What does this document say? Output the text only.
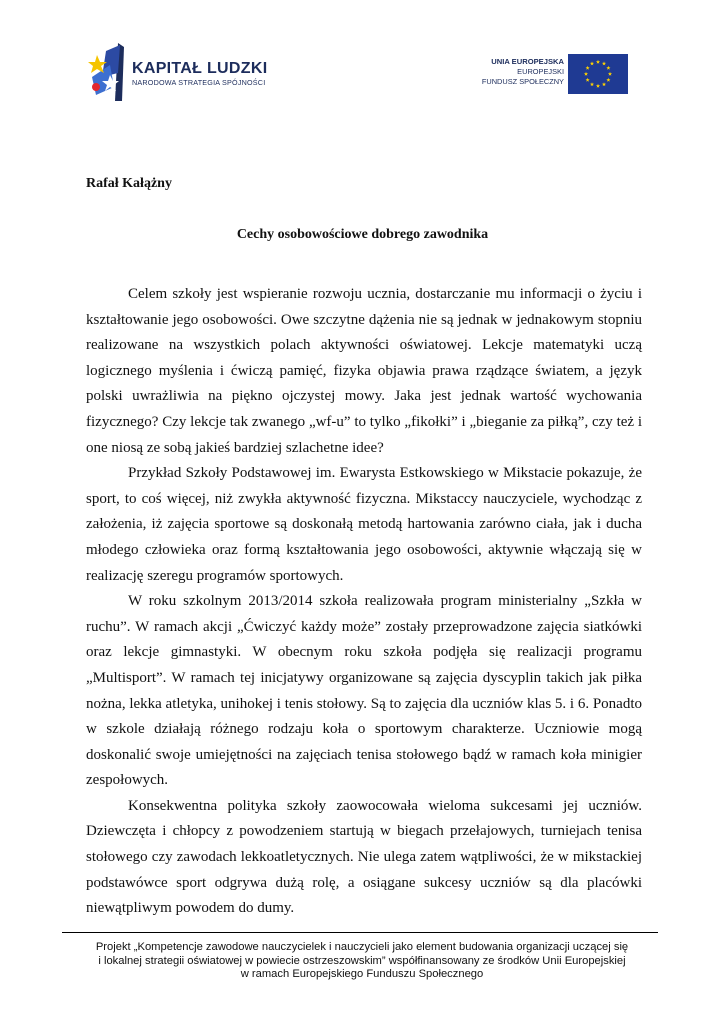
KAPITAŁ LUDZKI
NARODOWA STRATEGIA SPÓJNOŚCI
UNIA EUROPEJSKA
EUROPEJSKI
FUNDUSZ SPOŁECZNY
Rafał Kałążny
Cechy osobowościowe dobrego zawodnika

Celem szkoły jest wspieranie rozwoju ucznia, dostarczanie mu informacji o życiu i kształtowanie jego osobowości. Owe szczytne dążenia nie są jednak w jednakowym stopniu realizowane na wszystkich polach aktywności oświatowej. Lekcje matematyki uczą logicznego myślenia i ćwiczą pamięć, fizyka objawia prawa rządzące światem, a język polski uwrażliwia na piękno ojczystej mowy. Jaka jest jednak wartość wychowania fizycznego? Czy lekcje tak zwanego „wf-u” to tylko „fikołki” i „bieganie za piłką”, czy też i one niosą ze sobą jakieś bardziej szlachetne idee?

Przykład Szkoły Podstawowej im. Ewarysta Estkowskiego w Mikstacie pokazuje, że sport, to coś więcej, niż zwykła aktywność fizyczna. Mikstaccy nauczyciele, wychodząc z założenia, iż zajęcia sportowe są doskonałą metodą hartowania zarówno ciała, jak i ducha młodego człowieka oraz formą kształtowania jego osobowości, aktywnie włączają się w realizację szeregu programów sportowych.

W roku szkolnym 2013/2014 szkoła realizowała program ministerialny „Szkła w ruchu”. W ramach akcji „Ćwiczyć każdy może” zostały przeprowadzone zajęcia siatkówki oraz lekcje gimnastyki. W obecnym roku szkoła podjęła się realizacji programu „Multisport”. W ramach tej inicjatywy organizowane są zajęcia dyscyplin takich jak piłka nożna, lekka atletyka, unihokej i tenis stołowy. Są to zajęcia dla uczniów klas 5. i 6. Ponadto w szkole działają różnego rodzaju koła o sportowym charakterze. Uczniowie mogą doskonalić swoje umiejętności na zajęciach tenisa stołowego bądź w ramach koła minigier zespołowych.

Konsekwentna polityka szkoły zaowocowała wieloma sukcesami jej uczniów. Dziewczęta i chłopcy z powodzeniem startują w biegach przełajowych, turniejach tenisa stołowego czy zawodach lekkoatletycznych. Nie ulega zatem wątpliwości, że w mikstackiej podstawówce sport odgrywa dużą rolę, a osiągane sukcesy uczniów są dla placówki niewątpliwym powodem do dumy.

Projekt „Kompetencje zawodowe nauczycielek i nauczycieli jako element budowania organizacji uczącej się
i lokalnej strategii oświatowej w powiecie ostrzeszowskim” współfinansowany ze środków Unii Europejskiej
w ramach Europejskiego Funduszu Społecznego
